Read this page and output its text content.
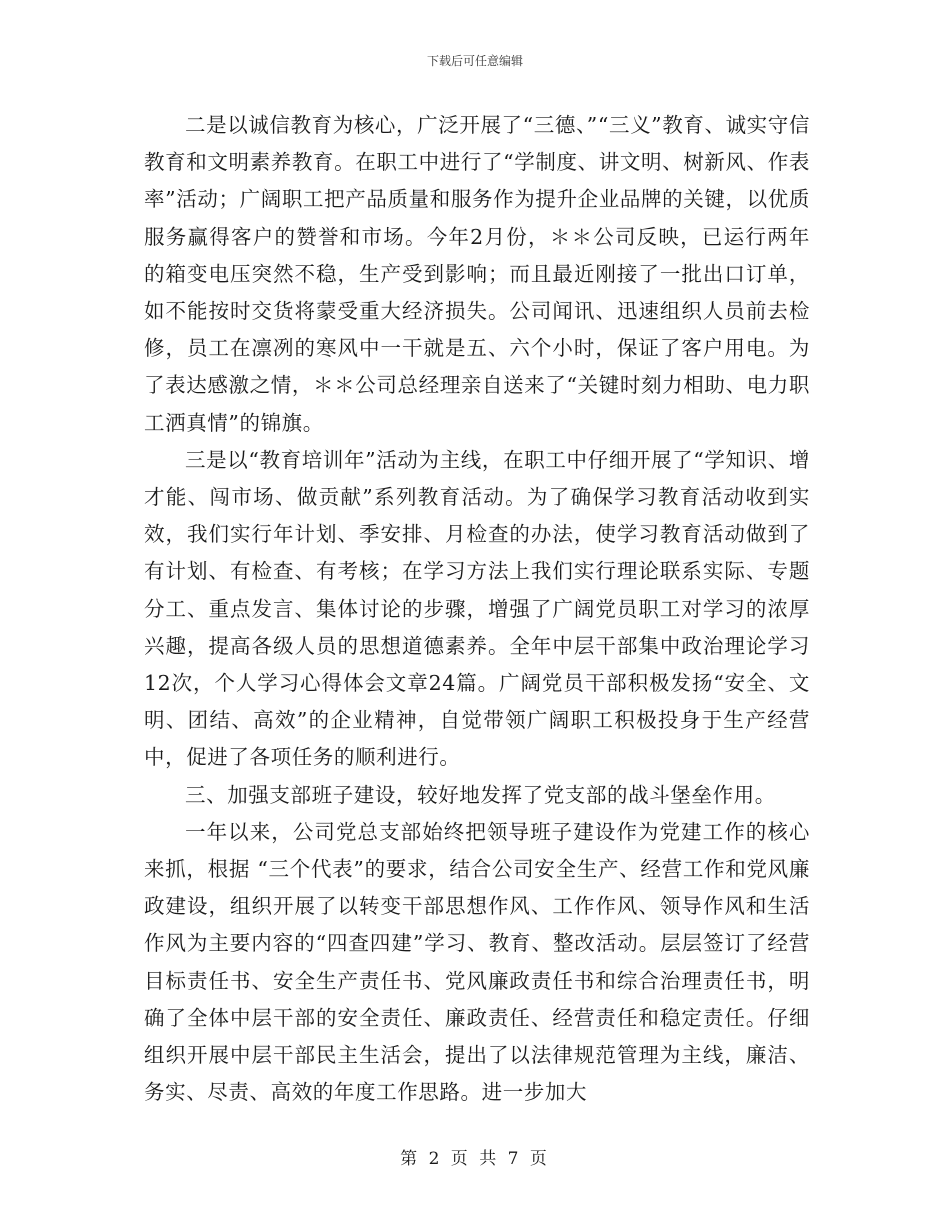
下载后可任意编辑

二是以诚信教育为核心，广泛开展了“三德、”“三义”教育、诚实守信教育和文明素养教育。在职工中进行了“学制度、讲文明、树新风、作表率”活动；广阔职工把产品质量和服务作为提升企业品牌的关键，以优质服务赢得客户的赞誉和市场。今年2月份，＊＊公司反映，已运行两年的箱变电压突然不稳，生产受到影响；而且最近刚接了一批出口订单，如不能按时交货将蒙受重大经济损失。公司闻讯、迅速组织人员前去检修，员工在凛冽的寒风中一干就是五、六个小时，保证了客户用电。为了表达感激之情，＊＊公司总经理亲自送来了“关键时刻力相助、电力职工洒真情”的锦旗。

三是以“教育培训年”活动为主线，在职工中仔细开展了“学知识、增才能、闯市场、做贡献”系列教育活动。为了确保学习教育活动收到实效，我们实行年计划、季安排、月检查的办法，使学习教育活动做到了有计划、有检查、有考核；在学习方法上我们实行理论联系实际、专题分工、重点发言、集体讨论的步骤，增强了广阔党员职工对学习的浓厚兴趣，提高各级人员的思想道德素养。全年中层干部集中政治理论学习12次，个人学习心得体会文章24篇。广阔党员干部积极发扬“安全、文明、团结、高效”的企业精神，自觉带领广阔职工积极投身于生产经营中，促进了各项任务的顺利进行。

三、加强支部班子建设，较好地发挥了党支部的战斗堡垒作用。

一年以来，公司党总支部始终把领导班子建设作为党建工作的核心来抓，根据 “三个代表”的要求，结合公司安全生产、经营工作和党风廉政建设，组织开展了以转变干部思想作风、工作作风、领导作风和生活作风为主要内容的“四查四建”学习、教育、整改活动。层层签订了经营目标责任书、安全生产责任书、党风廉政责任书和综合治理责任书，明确了全体中层干部的安全责任、廉政责任、经营责任和稳定责任。仔细组织开展中层干部民主生活会，提出了以法律规范管理为主线，廉洁、务实、尽责、高效的年度工作思路。进一步加大

第 2 页 共 7 页
